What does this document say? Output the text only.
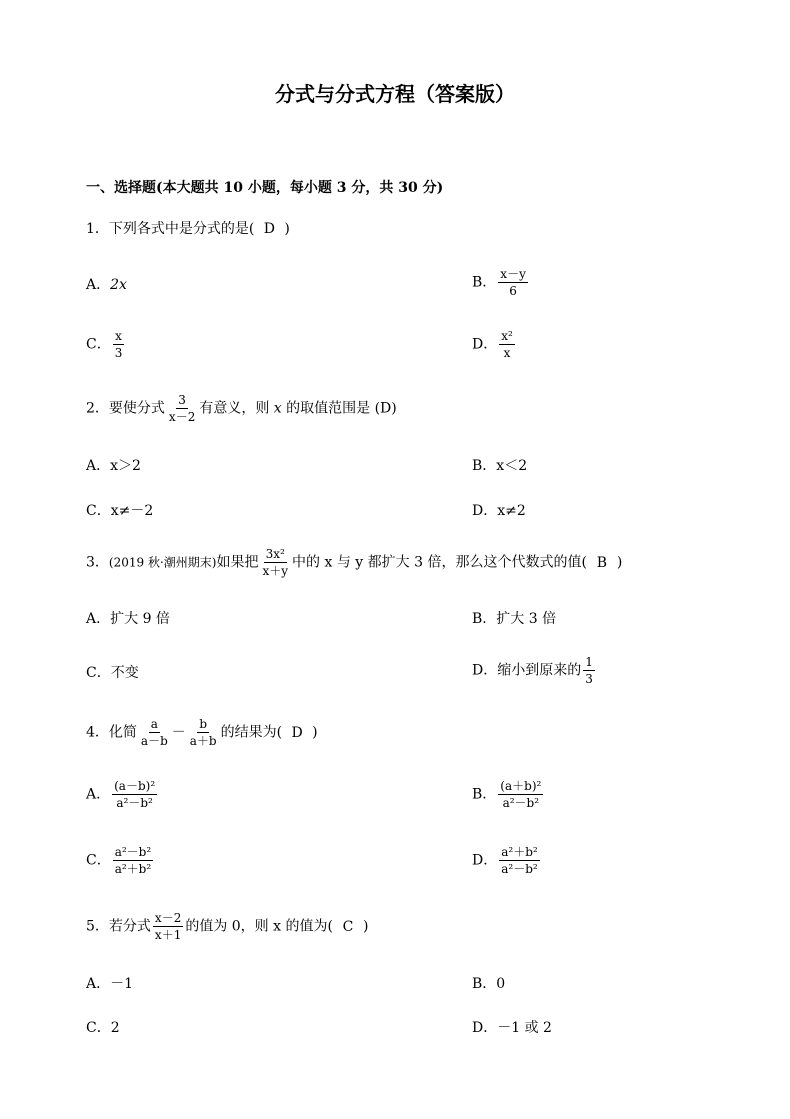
分式与分式方程（答案版）
一、选择题(本大题共 10 小题，每小题 3 分，共 30 分)
1．下列各式中是分式的是( D )
A．2x	B． $\frac{x-y}{6}$
C． $\frac{x}{3}$	D． $\frac{\text{x²}}{x}$
2．要使分式 $\frac{3}{x-2}$ 有意义，则 x 的取值范围是 (D)
A．x＞2	B．x＜2
C．x≠－2	D．x≠2
3．(2019 秋·潮州期末)如果把 $\frac{\text{3x²}}{x+y}$ 中的 x 与 y 都扩大 3 倍，那么这个代数式的值( B )
A．扩大 9 倍	B．扩大 3 倍
C．不变	D．缩小到原来的 $\frac{1}{3}$
4．化简 $\frac{a}{a-b} - \frac{b}{a+b}$ 的结果为( D )
A． $\frac{\text{(a－b)²}}{\text{a²－b²}}$	B． $\frac{\text{(a＋b)²}}{\text{a²－b²}}$
C． $\frac{\text{a²－b²}}{\text{a²＋b²}}$	D． $\frac{\text{a²＋b²}}{\text{a²－b²}}$
5．若分式 $\frac{x-2}{x+1}$ 的值为 0，则 x 的值为( C )
A．－1	B．0
C．2	D．－1 或 2
